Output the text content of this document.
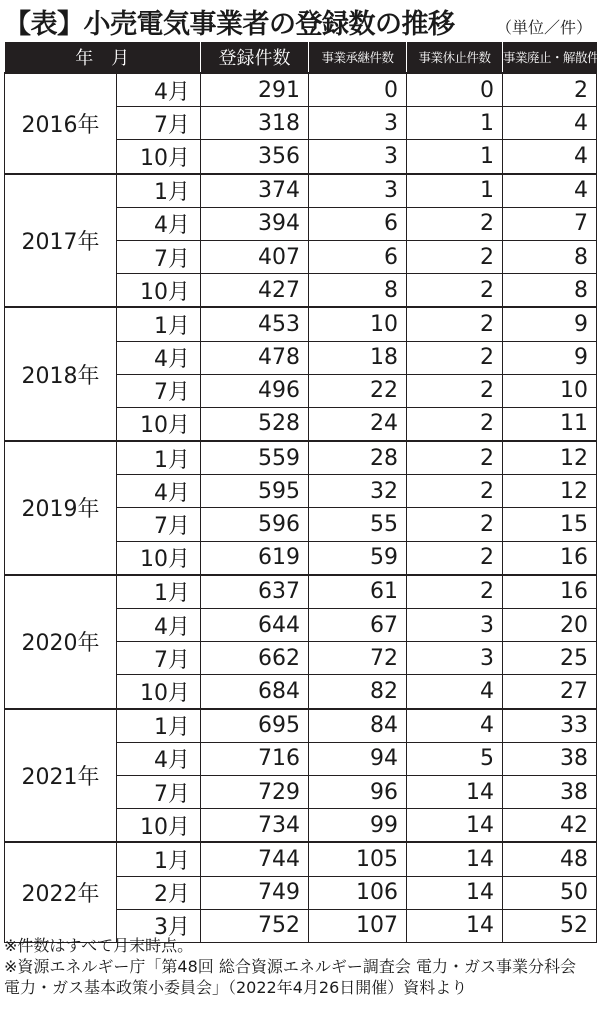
【表】小売電気事業者の登録数の推移	（単位／件）
年　月		登録件数	事業承継件数	事業休止件数	事業廃止・解散件数
2016年	4月	291	0	0	2
	7月	318	3	1	4
	10月	356	3	1	4
2017年	1月	374	3	1	4
	4月	394	6	2	7
	7月	407	6	2	8
	10月	427	8	2	8
2018年	1月	453	10	2	9
	4月	478	18	2	9
	7月	496	22	2	10
	10月	528	24	2	11
2019年	1月	559	28	2	12
	4月	595	32	2	12
	7月	596	55	2	15
	10月	619	59	2	16
2020年	1月	637	61	2	16
	4月	644	67	3	20
	7月	662	72	3	25
	10月	684	82	4	27
2021年	1月	695	84	4	33
	4月	716	94	5	38
	7月	729	96	14	38
	10月	734	99	14	42
2022年	1月	744	105	14	48
	2月	749	106	14	50
	3月	752	107	14	52
※件数はすべて月末時点。
※資源エネルギー庁「第48回 総合資源エネルギー調査会 電力・ガス事業分科会 電力・ガス基本政策小委員会」（2022年4月26日開催）資料より
